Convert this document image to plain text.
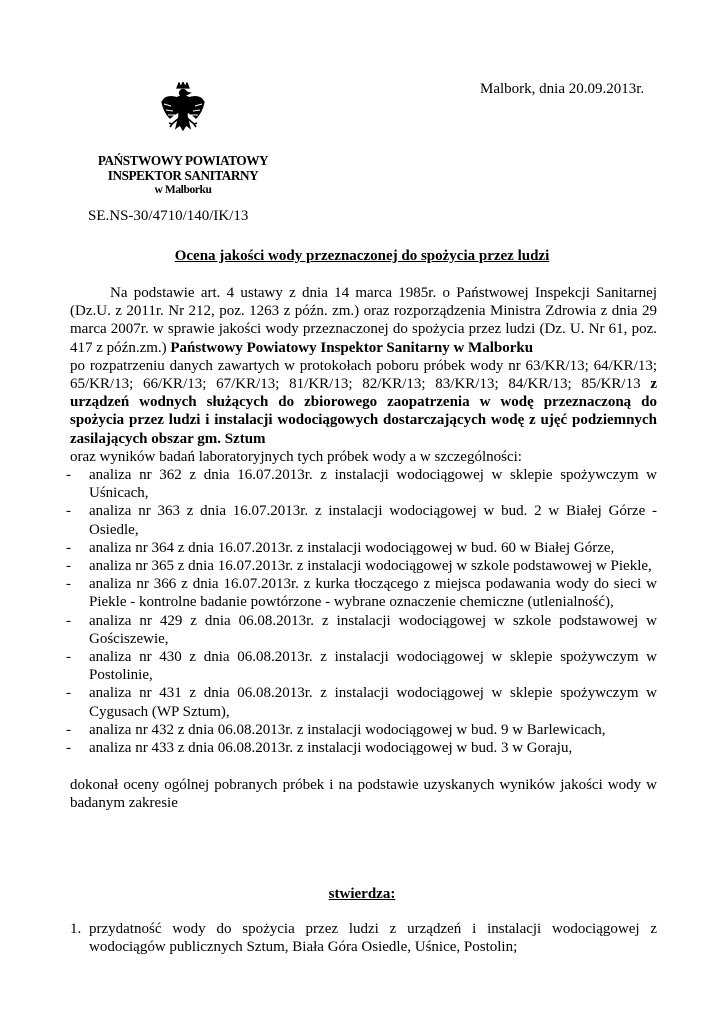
Malbork, dnia 20.09.2013r.
PAŃSTWOWY POWIATOWY
INSPEKTOR SANITARNY
w Malborku
SE.NS-30/4710/140/IK/13
Ocena jakości wody przeznaczonej do spożycia przez ludzi

Na podstawie art. 4 ustawy z dnia 14 marca 1985r. o Państwowej Inspekcji Sanitarnej (Dz.U. z 2011r. Nr 212, poz. 1263 z późn. zm.) oraz rozporządzenia Ministra Zdrowia z dnia 29 marca 2007r. w sprawie jakości wody przeznaczonej do spożycia przez ludzi (Dz. U. Nr 61, poz. 417 z późn.zm.) Państwowy Powiatowy Inspektor Sanitarny w Malborku

po rozpatrzeniu danych zawartych w protokołach poboru próbek wody nr 63/KR/13; 64/KR/13; 65/KR/13; 66/KR/13; 67/KR/13; 81/KR/13; 82/KR/13; 83/KR/13; 84/KR/13; 85/KR/13 z urządzeń wodnych służących do zbiorowego zaopatrzenia w wodę przeznaczoną do spożycia przez ludzi i instalacji wodociągowych dostarczających wodę z ujęć podziemnych zasilających obszar gm. Sztum

oraz wyników badań laboratoryjnych tych próbek wody a w szczególności:

- analiza nr 362 z dnia 16.07.2013r. z instalacji wodociągowej w sklepie spożywczym w Uśnicach,
- analiza nr 363 z dnia 16.07.2013r. z instalacji wodociągowej w bud. 2 w Białej Górze - Osiedle,
- analiza nr 364 z dnia 16.07.2013r. z instalacji wodociągowej w bud. 60 w Białej Górze,
- analiza nr 365 z dnia 16.07.2013r. z instalacji wodociągowej w szkole podstawowej w Piekle,
- analiza nr 366 z dnia 16.07.2013r. z kurka tłoczącego z miejsca podawania wody do sieci w Piekle - kontrolne badanie powtórzone - wybrane oznaczenie chemiczne (utlenialność),
- analiza nr 429 z dnia 06.08.2013r. z instalacji wodociągowej w szkole podstawowej w Gościszewie,
- analiza nr 430 z dnia 06.08.2013r. z instalacji wodociągowej w sklepie spożywczym w Postolinie,
- analiza nr 431 z dnia 06.08.2013r. z instalacji wodociągowej w sklepie spożywczym w Cygusach (WP Sztum),
- analiza nr 432 z dnia 06.08.2013r. z instalacji wodociągowej w bud. 9 w Barlewicach,
- analiza nr 433 z dnia 06.08.2013r. z instalacji wodociągowej w bud. 3 w Goraju,

dokonał oceny ogólnej pobranych próbek i na podstawie uzyskanych wyników jakości wody w badanym zakresie

stwierdza:
1. przydatność wody do spożycia przez ludzi z urządzeń i instalacji wodociągowej z wodociągów publicznych Sztum, Biała Góra Osiedle, Uśnice, Postolin;
